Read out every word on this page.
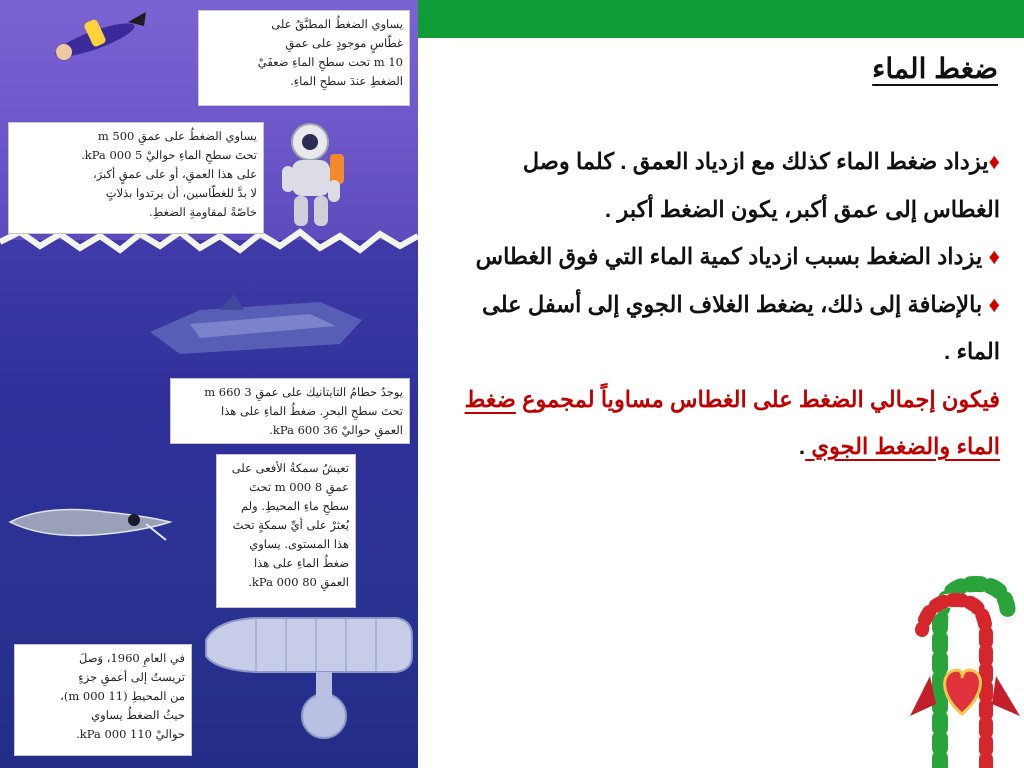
يساوي الضغطُ المطبَّقُ على
غطّاسٍ موجودٍ على عمقِ
10 m تحت سطحِ الماءِ ضعفَيْ
الضغطِ عندَ سطحِ الماءِ.
يساوي الضغطُ على عمقِ 500 m
تحتَ سطحِ الماءِ حواليْ 5 000 kPa.
على هذا العمقِ، أو على عمقٍ أكبرَ،
لا بدَّ للغطّاسين، أن يرتدوا بذلاتٍ
خاصّةً لمقاومةِ الضغطِ.
يوجدُ حطامُ التايتانيك على عمقِ 3 660 m
تحتَ سطحِ البحرِ. ضغطُ الماءِ على هذا
العمقِ حواليْ 36 600 kPa.
تعيشُ سمكةُ الأفعى على
عمقِ 8 000 m تحتَ
سطحِ ماءِ المحيطِ. ولم
يُعثرْ على أيِّ سمكةٍ تحتَ
هذا المستوى. يساوي
ضغطُ الماءِ على هذا
العمقِ 80 000 kPa.
في العامِ 1960، وَصلَ
تريستُ إلى أعمقِ جزءٍ
من المحيطِ (11 000 m)،
حيثُ الضغطُ يساوي
حواليْ 110 000 kPa.
ضغط الماء

♦يزداد ضغط الماء كذلك مع ازدياد العمق . كلما وصل الغطاس إلى عمق أكبر، يكون الضغط أكبر .

♦ يزداد الضغط بسبب ازدياد كمية الماء التي فوق الغطاس

♦ بالإضافة إلى ذلك، يضغط الغلاف الجوي إلى أسفل على الماء .

فيكون إجمالي الضغط على الغطاس مساوياً لمجموع ضغط الماء والضغط الجوي .
